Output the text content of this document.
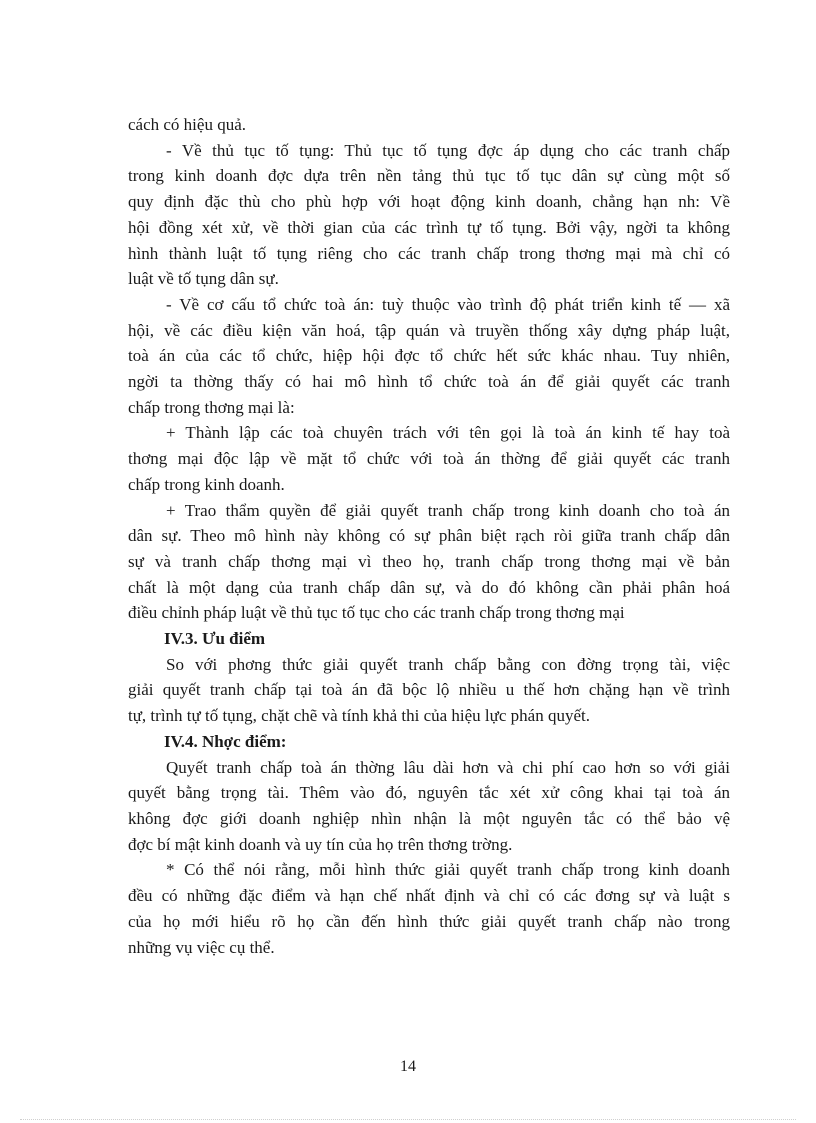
cách có hiệu quả.

- Về thủ tục tố tụng: Thủ tục tố tụng đợc áp dụng cho các tranh chấp
trong kinh doanh đợc dựa trên nền tảng thủ tục tố tục dân sự cùng một số
quy định đặc thù cho phù hợp với hoạt động kinh doanh, chẳng hạn nh: Về
hội đồng xét xử, về thời gian của các trình tự tố tụng. Bởi vậy, ngời ta không
hình thành luật tố tụng riêng cho các tranh chấp trong thơng mại mà chỉ có
luật về tố tụng dân sự.

- Về cơ cấu tổ chức toà án: tuỳ thuộc vào trình độ phát triển kinh tế — xã
hội, về các điều kiện văn hoá, tập quán và truyền thống xây dựng pháp luật,
toà án của các tổ chức, hiệp hội đợc tổ chức hết sức khác nhau. Tuy nhiên,
ngời ta thờng thấy có hai mô hình tổ chức toà án để giải quyết các tranh
chấp trong thơng mại là:

+ Thành lập các toà chuyên trách với tên gọi là toà án kinh tế hay toà
thơng mại độc lập về mặt tổ chức với toà án thờng để giải quyết các tranh
chấp trong kinh doanh.

+ Trao thẩm quyền để giải quyết tranh chấp trong kinh doanh cho toà án
dân sự. Theo mô hình này không có sự phân biệt rạch ròi giữa tranh chấp dân
sự và tranh chấp thơng mại vì theo họ, tranh chấp trong thơng mại về bản
chất là một dạng của tranh chấp dân sự, và do đó không cần phải phân hoá
điều chỉnh pháp luật về thủ tục tố tục cho các tranh chấp trong thơng mại

IV.3. Ưu điểm

So với phơng thức giải quyết tranh chấp bằng con đờng trọng tài, việc
giải quyết tranh chấp tại toà án đã bộc lộ nhiều u thế hơn chặng hạn về trình
tự, trình tự tố tụng, chặt chẽ và tính khả thi của hiệu lực phán quyết.

IV.4. Nhợc điểm:

Quyết tranh chấp toà án thờng lâu dài hơn và chi phí cao hơn so với giải
quyết bằng trọng tài. Thêm vào đó, nguyên tắc xét xử công khai tại toà án
không đợc giới doanh nghiệp nhìn nhận là một nguyên tắc có thể bảo vệ
đợc bí mật kinh doanh và uy tín của họ trên thơng trờng.

* Có thể nói rằng, mỗi hình thức giải quyết tranh chấp trong kinh doanh
đều có những đặc điểm và hạn chế nhất định và chỉ có các đơng sự và luật s
của họ mới hiểu rõ họ cần đến hình thức giải quyết tranh chấp nào trong
những vụ việc cụ thể.

14
